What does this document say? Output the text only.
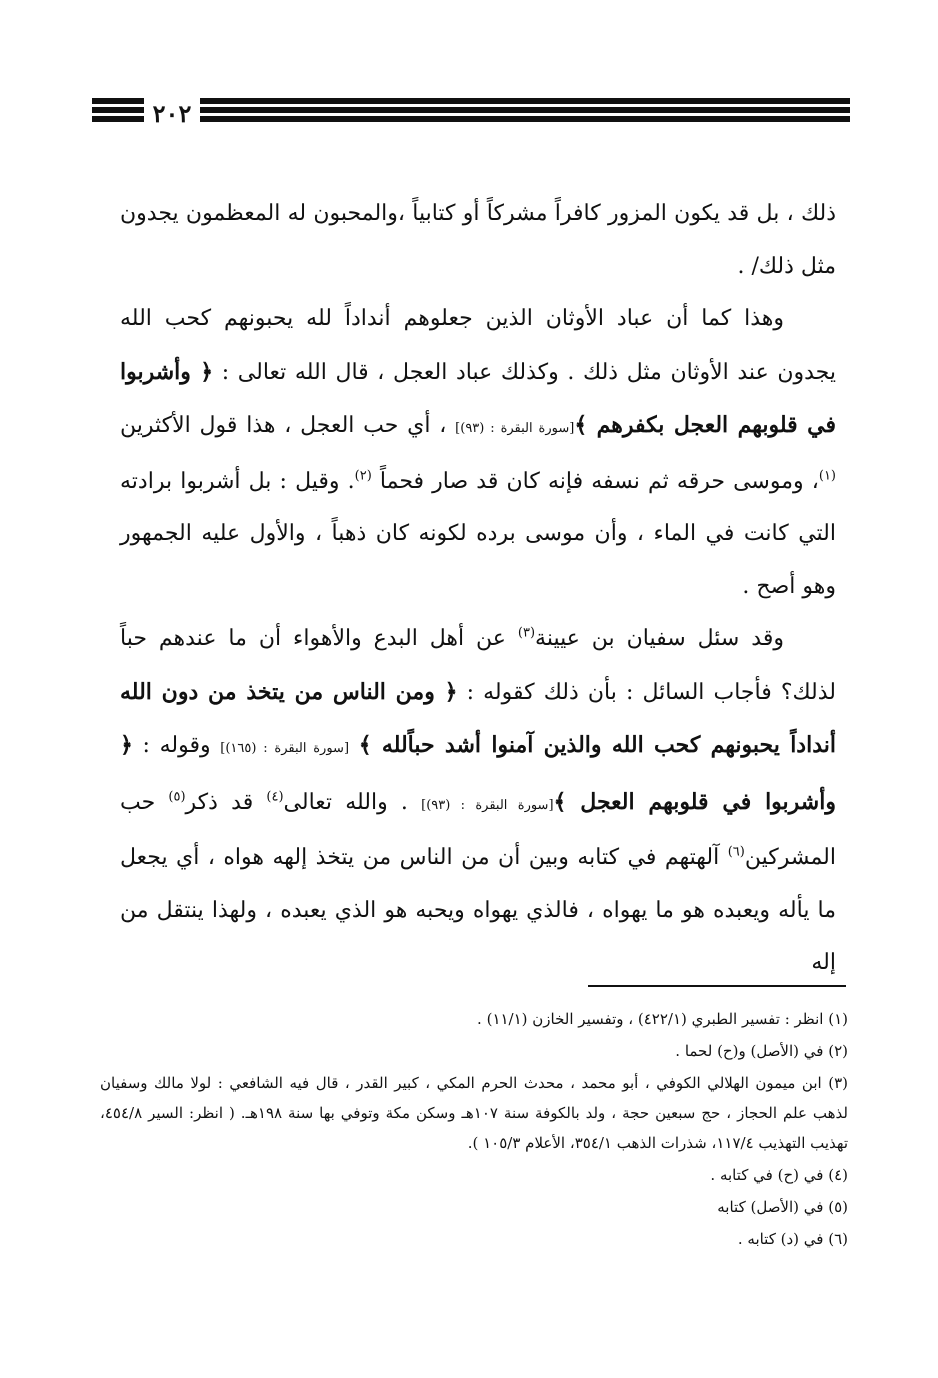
٢٠٢

ذلك ، بل قد يكون المزور كافراً مشركاً أو كتابياً ،والمحبون له المعظمون يجدون مثل ذلك/ .

وهذا كما أن عباد الأوثان الذين جعلوهم أنداداً لله يحبونهم كحب الله يجدون عند الأوثان مثل ذلك . وكذلك عباد العجل ، قال الله تعالى : ﴿ وأشربوا في قلوبهم العجل بكفرهم ﴾[سورة البقرة : (٩٣)] ، أي حب العجل ، هذا قول الأكثرين $^{(١)}$، وموسى حرقه ثم نسفه فإنه كان قد صار فحماً $^{(٢)}$. وقيل : بل أشربوا برادته التي كانت في الماء ، وأن موسى برده لكونه كان ذهباً ، والأول عليه الجمهور وهو أصح .

وقد سئل سفيان بن عيينة$^{(٣)}$ عن أهل البدع والأهواء أن ما عندهم حباً لذلك؟ فأجاب السائل : بأن ذلك كقوله : ﴿ ومن الناس من يتخذ من دون الله أنداداً يحبونهم كحب الله والذين آمنوا أشد حباًلله ﴾ [سورة البقرة : (١٦٥)] وقوله : ﴿ وأشربوا في قلوبهم العجل ﴾[سورة البقرة : (٩٣)] . والله تعالى$^{(٤)}$ قد ذكر$^{(٥)}$ حب المشركين$^{(٦)}$ آلهتهم في كتابه وبين أن من الناس من يتخذ إلهه هواه ، أي يجعل ما يأله ويعبده هو ما يهواه ، فالذي يهواه ويحبه هو الذي يعبده ، ولهذا ينتقل من إله

(١) انظر : تفسير الطبري (٤٢٢/١) ، وتفسير الخازن (١١/١) .

(٢) في (الأصل) و(ح) لحما .

(٣) ابن ميمون الهلالي الكوفي ، أبو محمد ، محدث الحرم المكي ، كبير القدر ، قال فيه الشافعي : لولا مالك وسفيان لذهب علم الحجاز ، حج سبعين حجة ، ولد بالكوفة سنة ١٠٧هـ وسكن مكة وتوفي بها سنة ١٩٨هـ. ( انظر: السير ٤٥٤/٨، تهذيب التهذيب ١١٧/٤، شذرات الذهب ٣٥٤/١، الأعلام ١٠٥/٣ ).

(٤) في (ح) في كتابه .

(٥) في (الأصل) كتابه

(٦) في (د) كتابه .
